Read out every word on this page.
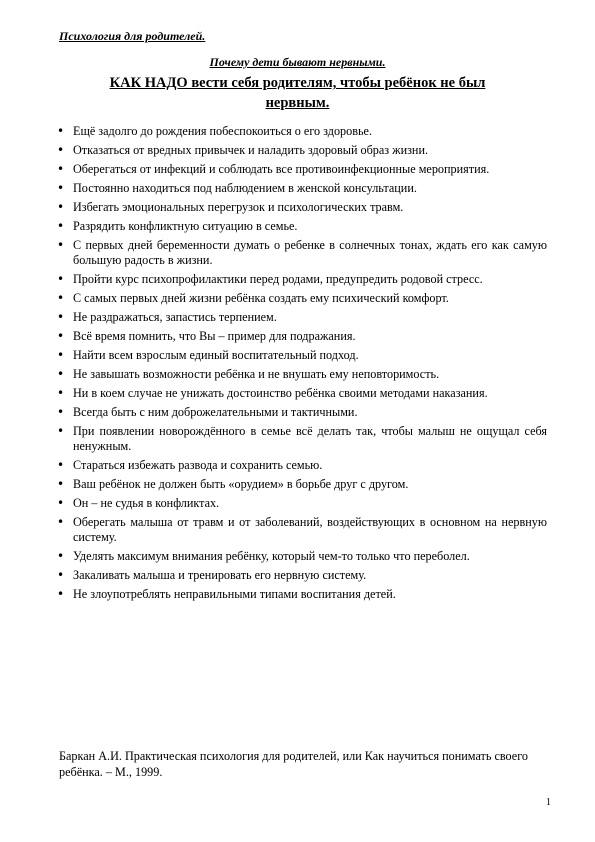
Психология для родителей.
Почему дети бывают нервными.
КАК НАДО вести себя родителям, чтобы ребёнок не был нервным.
• Ещё задолго до рождения побеспокоиться о его здоровье.
• Отказаться от вредных привычек и наладить здоровый образ жизни.
• Оберегаться от инфекций и соблюдать все противоинфекционные мероприятия.
• Постоянно находиться под наблюдением в женской консультации.
• Избегать эмоциональных перегрузок и психологических травм.
• Разрядить конфликтную ситуацию в семье.
• С первых дней беременности думать о ребенке в солнечных тонах, ждать его как самую большую радость в жизни.
• Пройти курс психопрофилактики перед родами, предупредить родовой стресс.
• С самых первых дней жизни ребёнка создать ему психический комфорт.
• Не раздражаться, запастись терпением.
• Всё время помнить, что Вы – пример для подражания.
• Найти всем взрослым единый воспитательный подход.
• Не завышать возможности ребёнка и не внушать ему неповторимость.
• Ни в коем случае не унижать достоинство ребёнка своими методами наказания.
• Всегда быть с ним доброжелательными и тактичными.
• При появлении новорождённого в семье всё делать так, чтобы малыш не ощущал себя ненужным.
• Стараться избежать развода и сохранить семью.
• Ваш ребёнок не должен быть «орудием» в борьбе друг с другом.
• Он – не судья в конфликтах.
• Оберегать малыша от травм и от заболеваний, воздействующих в основном на нервную систему.
• Уделять максимум внимания ребёнку, который чем-то только что переболел.
• Закаливать малыша и тренировать его нервную систему.
• Не злоупотреблять неправильными типами воспитания детей.
Баркан А.И. Практическая психология для родителей, или Как научиться понимать своего ребёнка. – М., 1999.
1
